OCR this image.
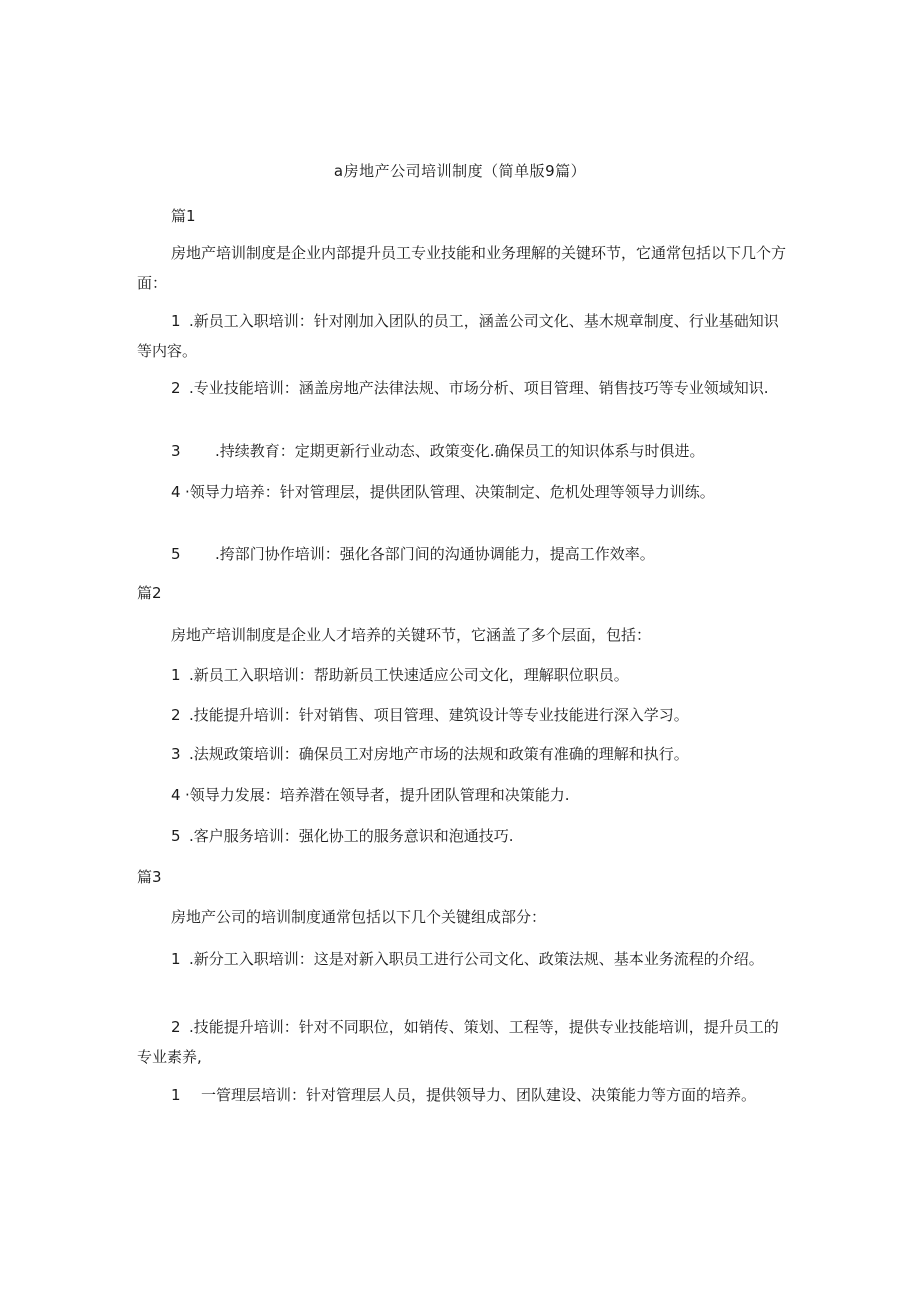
a房地产公司培训制度（简单版9篇）
篇1
房地产培训制度是企业内部提升员工专业技能和业务理解的关键环节，它通常包括以下几个方面：
1 .新员工入职培训：针对刚加入团队的员工，涵盖公司文化、基木规章制度、行业基础知识等内容。
2 .专业技能培训：涵盖房地产法律法规、市场分析、项目管理、销售技巧等专业领域知识.
3 .持续教育：定期更新行业动态、政策变化.确保员工的知识体系与时俱进。
4 ·领导力培养：针对管理层，提供团队管理、决策制定、危机处理等领导力训练。
5 .挎部门协作培训：强化各部门间的沟通协调能力，提高工作效率。
篇2
房地产培训制度是企业人才培养的关键环节，它涵盖了多个层面，包括：
1 .新员工入职培训：帮助新员工快速适应公司文化，理解职位职员。
2 .技能提升培训：针对销售、项目管理、建筑设计等专业技能进行深入学习。
3 .法规政策培训：确保员工对房地产市场的法规和政策有准确的理解和执行。
4 ·领导力发展：培养潜在领导者，提升团队管理和决策能力.
5 .客户服务培训：强化协工的服务意识和泡通技巧.
篇3
房地产公司的培训制度通常包括以下几个关键组成部分：
1 .新分工入职培训：这是对新入职员工进行公司文化、政策法规、基本业务流程的介绍。
2 .技能提升培训：针对不同职位，如销传、策划、工程等，提供专业技能培训，提升员工的专业素养,
1 一管理层培训：针对管理层人员，提供领导力、团队建设、决策能力等方面的培养。
